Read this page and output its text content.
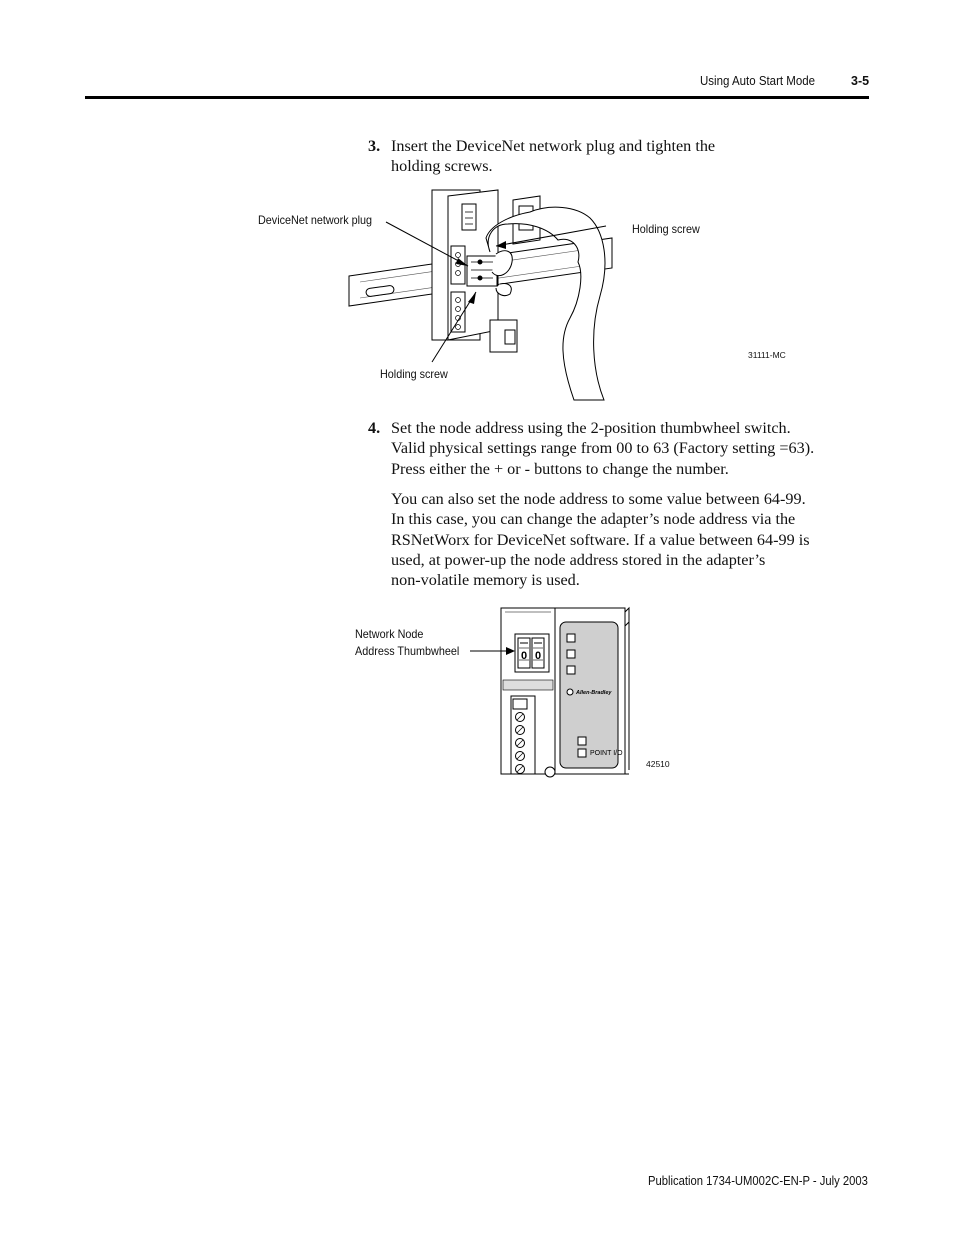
Using Auto Start Mode	3-5
3. Insert the DeviceNet network plug and tighten the
holding screws.
DeviceNet network plug
Holding screw
Holding screw
31111-MC
4. Set the node address using the 2-position thumbwheel switch.
Valid physical settings range from 00 to 63 (Factory setting =63).
Press either the + or - buttons to change the number.
You can also set the node address to some value between 64-99.
In this case, you can change the adapter’s node address via the
RSNetWorx for DeviceNet software. If a value between 64-99 is
used, at power-up the node address stored in the adapter’s
non-volatile memory is used.
0 0
Allen-Bradley
POINT I/O
Network Node
Address Thumbwheel
42510
Publication 1734-UM002C-EN-P - July 2003
